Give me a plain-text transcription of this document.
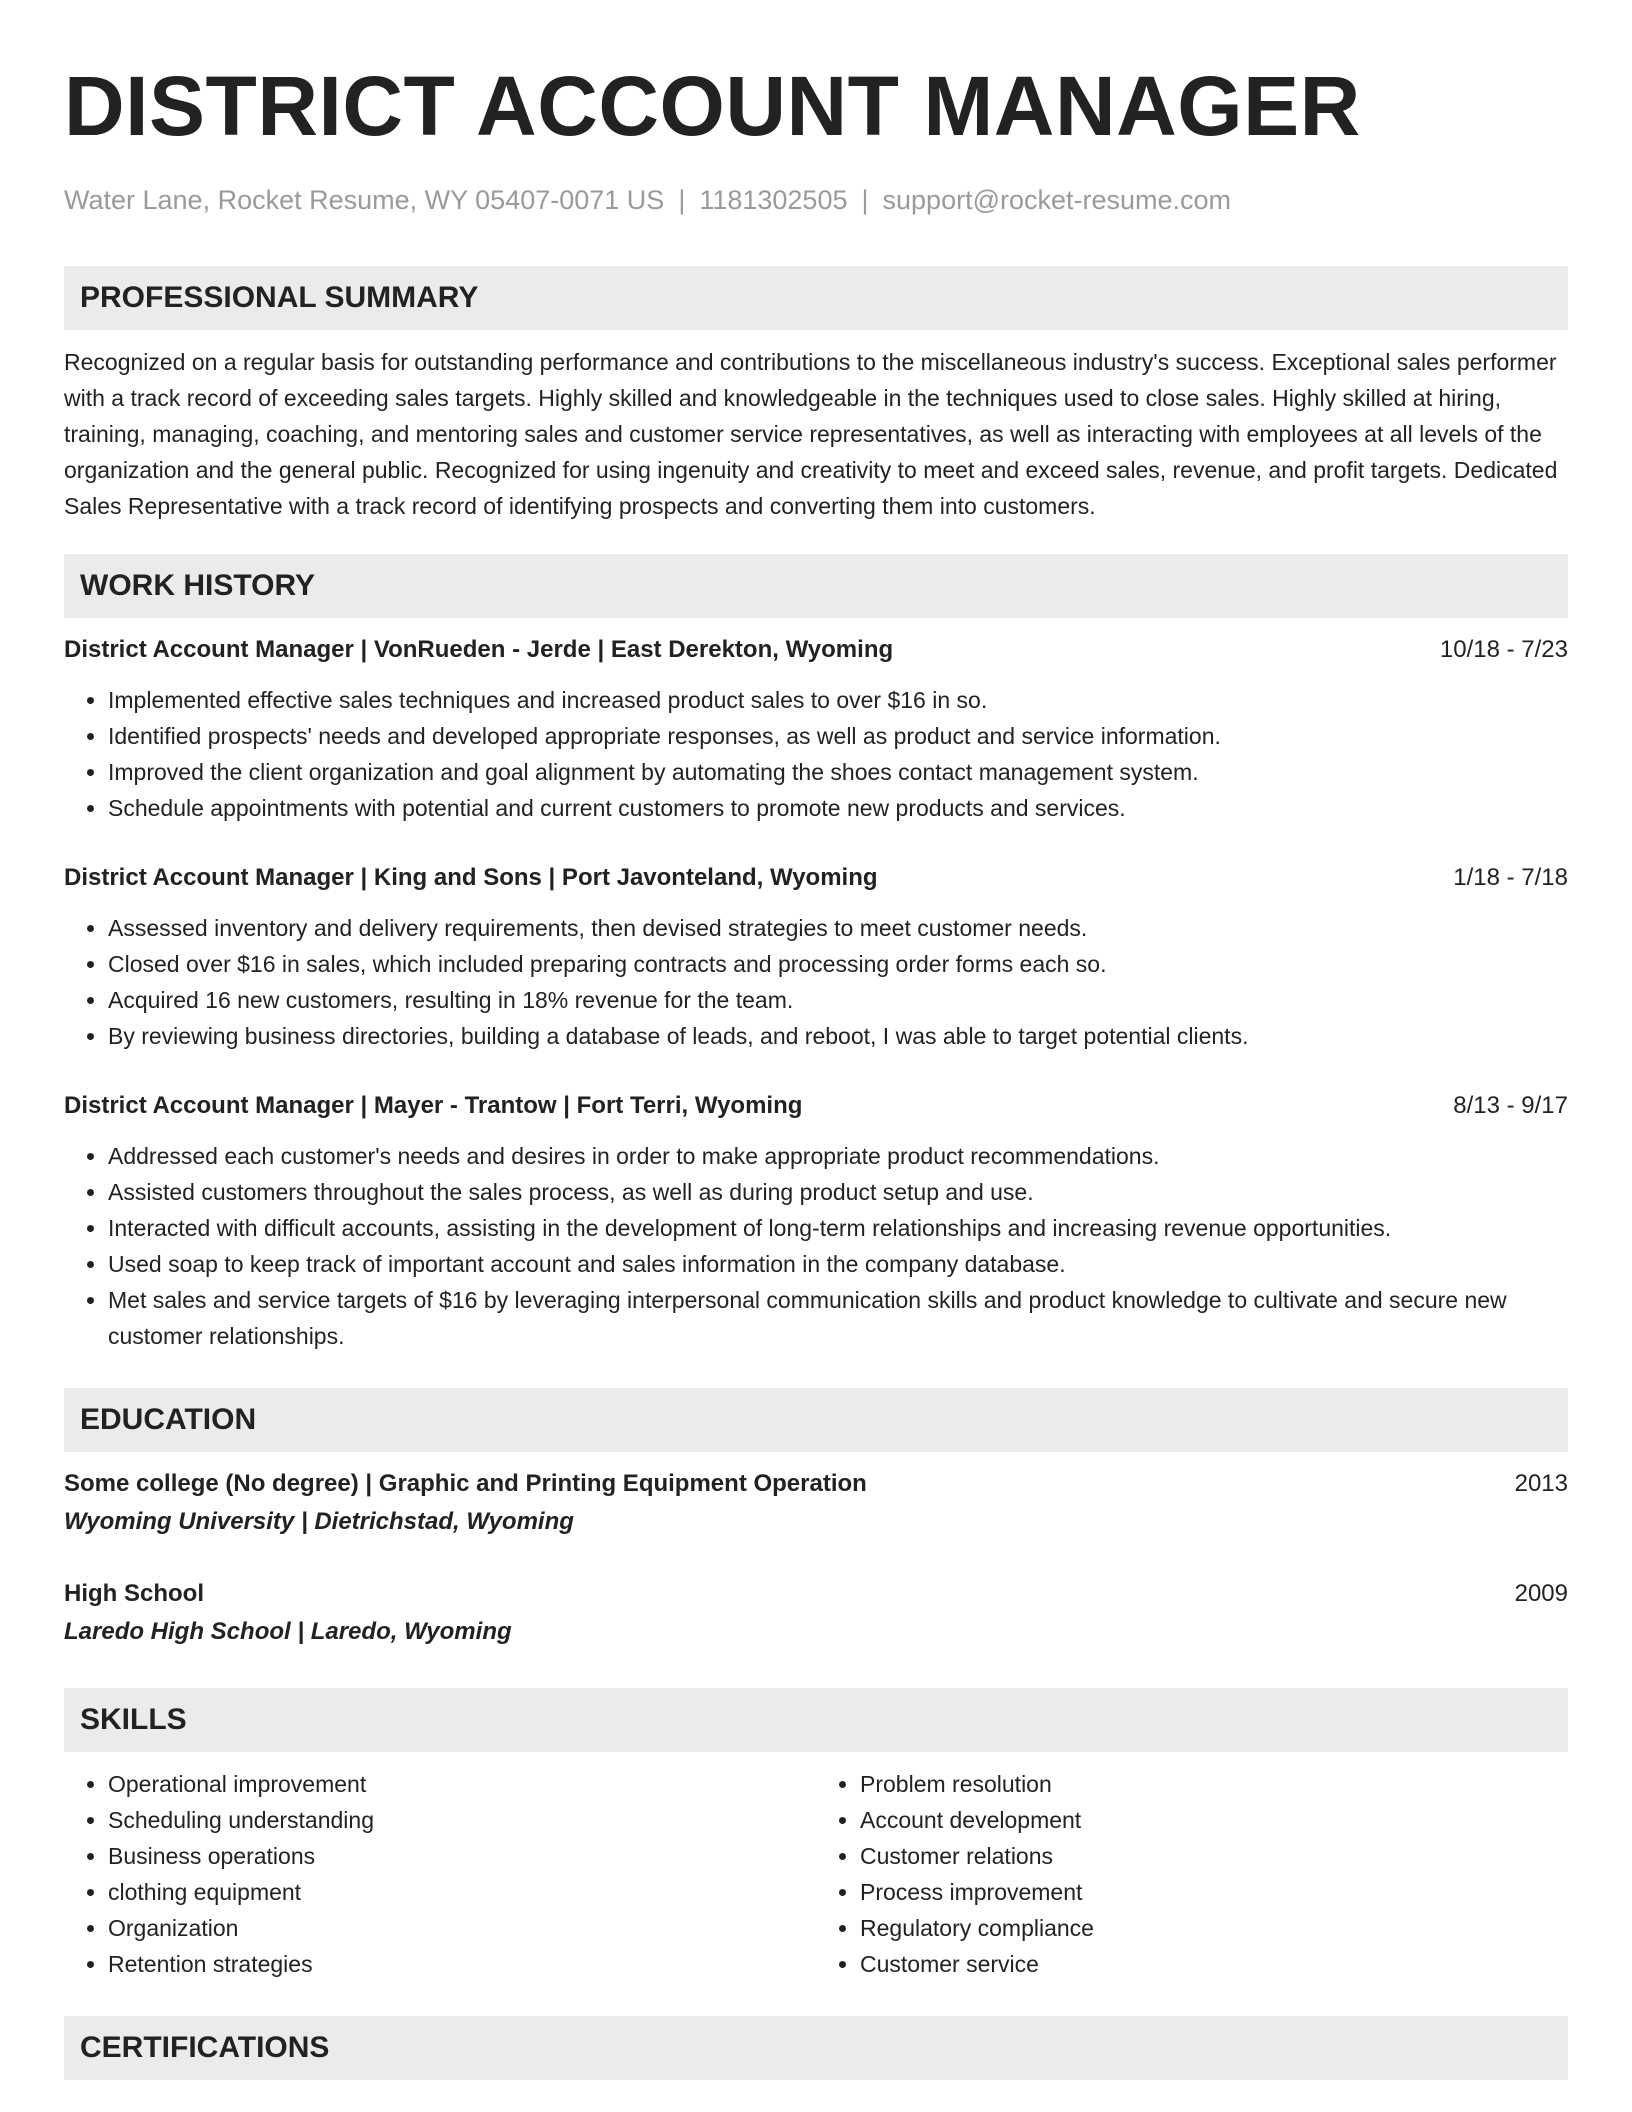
DISTRICT ACCOUNT MANAGER
Water Lane, Rocket Resume, WY 05407-0071 US | 1181302505 | support@rocket-resume.com
PROFESSIONAL SUMMARY

Recognized on a regular basis for outstanding performance and contributions to the miscellaneous industry's success. Exceptional sales performer with a track record of exceeding sales targets. Highly skilled and knowledgeable in the techniques used to close sales. Highly skilled at hiring, training, managing, coaching, and mentoring sales and customer service representatives, as well as interacting with employees at all levels of the organization and the general public. Recognized for using ingenuity and creativity to meet and exceed sales, revenue, and profit targets. Dedicated Sales Representative with a track record of identifying prospects and converting them into customers.

WORK HISTORY
District Account Manager | VonRueden - Jerde | East Derekton, Wyoming	10/18 - 7/23
• Implemented effective sales techniques and increased product sales to over $16 in so.
• Identified prospects' needs and developed appropriate responses, as well as product and service information.
• Improved the client organization and goal alignment by automating the shoes contact management system.
• Schedule appointments with potential and current customers to promote new products and services.
District Account Manager | King and Sons | Port Javonteland, Wyoming	1/18 - 7/18
• Assessed inventory and delivery requirements, then devised strategies to meet customer needs.
• Closed over $16 in sales, which included preparing contracts and processing order forms each so.
• Acquired 16 new customers, resulting in 18% revenue for the team.
• By reviewing business directories, building a database of leads, and reboot, I was able to target potential clients.
District Account Manager | Mayer - Trantow | Fort Terri, Wyoming	8/13 - 9/17
• Addressed each customer's needs and desires in order to make appropriate product recommendations.
• Assisted customers throughout the sales process, as well as during product setup and use.
• Interacted with difficult accounts, assisting in the development of long-term relationships and increasing revenue opportunities.
• Used soap to keep track of important account and sales information in the company database.
• Met sales and service targets of $16 by leveraging interpersonal communication skills and product knowledge to cultivate and secure new customer relationships.
EDUCATION
Some college (No degree) | Graphic and Printing Equipment Operation	2013
Wyoming University | Dietrichstad, Wyoming
High School	2009
Laredo High School | Laredo, Wyoming
SKILLS
• Operational improvement
• Scheduling understanding
• Business operations
• clothing equipment
• Organization
• Retention strategies
• Problem resolution
• Account development
• Customer relations
• Process improvement
• Regulatory compliance
• Customer service
CERTIFICATIONS
